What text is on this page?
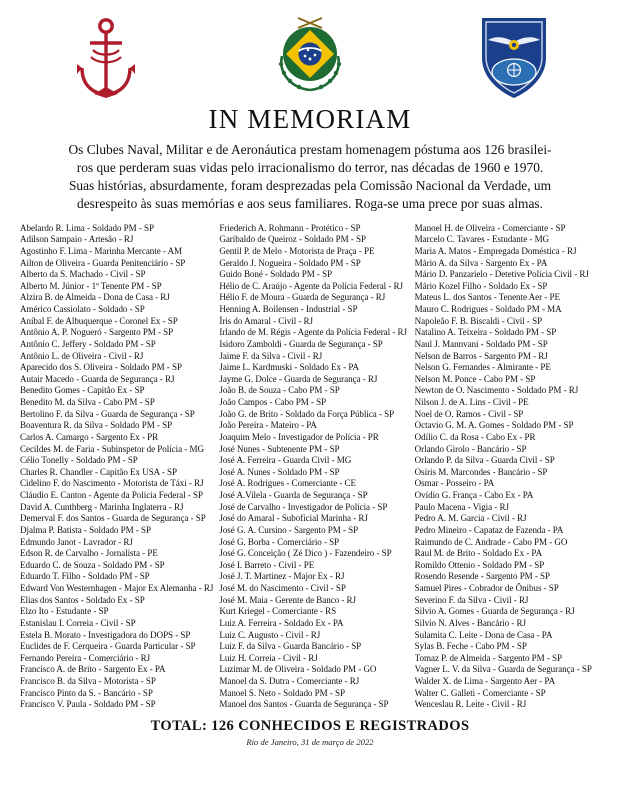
IN MEMORIAM

Os Clubes Naval, Militar e de Aeronáutica prestam homenagem póstuma aos 126 brasilei-

ros que perderam suas vidas pelo irracionalismo do terror, nas décadas de 1960 e 1970.

Suas histórias, absurdamente, foram desprezadas pela Comissão Nacional da Verdade, um

desrespeito às suas memórias e aos seus familiares. Roga-se uma prece por suas almas.

Abelardo R. Lima - Soldado PM - SP
Adilson Sampaio - Artesão - RJ
Agostinho F. Lima - Marinha Mercante - AM
Ailton de Oliveira - Guarda Penitenciário - SP
Alberto da S. Machado - Civil - SP
Alberto M. Júnior - 1º Tenente PM - SP
Alzira B. de Almeida - Dona de Casa - RJ
Américo Cassiolato - Soldado - SP
Aníbal F. de Albuquerque - Coronel Ex - SP
Antônio A. P. Nogueró - Sargento PM - SP
Antônio C. Jeffery - Soldado PM - SP
Antônio L. de Oliveira - Civil - RJ
Aparecido dos S. Oliveira - Soldado PM - SP
Autair Macedo - Guarda de Segurança - RJ
Benedito Gomes - Capitão Ex - SP
Benedito M. da Silva - Cabo PM - SP
Bertolino F. da Silva - Guarda de Segurança - SP
Boaventura R. da Silva - Soldado PM - SP
Carlos A. Camargo - Sargento Ex - PR
Cecildes M. de Faria - Subinspetor de Polícia - MG
Célio Tonelly - Soldado PM - SP
Charles R. Chandler - Capitão Ex USA - SP
Cidelino F. do Nascimento - Motorista de Táxi - RJ
Cláudio E. Canton - Agente da Polícia Federal - SP
David A. Cunthberg - Marinha Inglaterra - RJ
Demerval F. dos Santos - Guarda de Segurança - SP
Djalma P. Batista - Soldado PM - SP
Edmundo Janot - Lavrador - RJ
Edson R. de Carvalho - Jornalista - PE
Eduardo C. de Souza - Soldado PM - SP
Eduardo T. Filho - Soldado PM - SP
Edward Von Westernhagen - Major Ex Alemanha - RJ
Elias dos Santos - Soldado Ex - SP
Elzo Ito - Estudante - SP
Estanislau I. Correia - Civil - SP
Estela B. Morato - Investigadora do DOPS - SP
Euclides de F. Cerqueira - Guarda Particular - SP
Fernando Pereira - Comerciário - RJ
Francisco A. de Brito - Sargento Ex - PA
Francisco B. da Silva - Motorista - SP
Francisco Pinto da S. - Bancário - SP
Francisco V. Paula - Soldado PM - SP
Friederich A. Rohmann - Protético - SP
Garibaldo de Queiroz - Soldado PM - SP
Gentil P. de Melo - Motorista de Praça - PE
Geraldo J. Nogueira - Soldado PM - SP
Guido Boné - Soldado PM - SP
Hélio de C. Araújo - Agente da Polícia Federal - RJ
Hélio F. de Moura - Guarda de Segurança - RJ
Henning A. Boilensen - Industrial - SP
Íris do Amaral - Civil - RJ
Irlando de M. Régis - Agente da Polícia Federal - RJ
Isidoro Zamboldi - Guarda de Segurança - SP
Jaime F. da Silva - Civil - RJ
Jaime L. Kardmuski - Soldado Ex - PA
Jayme G. Dolce - Guarda de Segurança - RJ
João B. de Souza - Cabo PM - SP
João Campos - Cabo PM - SP
João G. de Brito - Soldado da Força Pública - SP
João Pereira - Mateiro - PA
Joaquim Melo - Investigador de Polícia - PR
José Nunes - Subtenente PM - SP
José A. Ferreira - Guarda Civil - MG
José A. Nunes - Soldado PM - SP
José A. Rodrigues - Comerciante - CE
José A.Vilela - Guarda de Segurança - SP
José de Carvalho - Investigador de Polícia - SP
José do Amaral - Suboficial Marinha - RJ
José G. A. Cursino - Sargento PM - SP
José G. Borba - Comerciário - SP
José G. Conceição ( Zé Dico ) - Fazendeiro - SP
José I. Barreto - Civil - PE
José J. T. Martinez - Major Ex - RJ
José M. do Nascimento - Civil - SP
José M. Maia - Gerente de Banco - RJ
Kurt Kriegel - Comerciante - RS
Luiz A. Ferreira - Soldado Ex - PA
Luiz C. Augusto - Civil - RJ
Luiz F. da Silva - Guarda Bancário - SP
Luiz H. Correia - Civil - RJ
Luzimar M. de Oliveira - Soldado PM - GO
Manoel da S. Dutra - Comerciante - RJ
Manoel S. Neto - Soldado PM - SP
Manoel dos Santos - Guarda de Segurança - SP
Manoel H. de Oliveira - Comerciante - SP
Marcelo C. Tavares - Estudante - MG
Maria A. Matos - Empregada Doméstica - RJ
Mário A. da Silva - Sargento Ex - PA
Mário D. Panzarielo - Detetive Polícia Civil - RJ
Mário Kozel Filho - Soldado Ex - SP
Mateus L. dos Santos - Tenente Aer - PE
Mauro C. Rodrigues - Soldado PM - MA
Napoleão F. B. Biscaldi - Civil - SP
Natalino A. Teixeira - Soldado PM - SP
Naul J. Mannvani - Soldado PM - SP
Nelson de Barros - Sargento PM - RJ
Nelson G. Fernandes - Almirante - PE
Nelson M. Ponce - Cabo PM - SP
Newton de O. Nascimento - Soldado PM - RJ
Nilson J. de A. Lins - Civil - PE
Noel de O. Ramos - Civil - SP
Octavio G. M. A. Gomes - Soldado PM - SP
Odílio C. da Rosa - Cabo Ex - PR
Orlando Girolo - Bancário - SP
Orlando P. da Silva - Guarda Civil - SP
Osíris M. Marcondes - Bancário - SP
Osmar - Posseiro - PA
Ovídio G. França - Cabo Ex - PA
Paulo Macena - Vigia - RJ
Pedro A. M. Garcia - Civil - RJ
Pedro Mineiro - Capataz de Fazenda - PA
Raimundo de C. Andrade - Cabo PM - GO
Raul M. de Brito - Soldado Ex - PA
Romildo Ottenio - Soldado PM - SP
Rosendo Resende - Sargento PM - SP
Samuel Pires - Cobrador de Ônibus - SP
Severino F. da Silva - Civil - RJ
Silvio A. Gomes - Guarda de Segurança - RJ
Silvio N. Alves - Bancário - RJ
Sulamita C. Leite - Dona de Casa - PA
Sylas B. Feche - Cabo PM - SP
Tomaz P. de Almeida - Sargento PM - SP
Vagner L. V. da Silva - Guarda de Segurança - SP
Walder X. de Lima - Sargento Aer - PA
Walter C. Galleti - Comerciante - SP
Wenceslau R. Leite - Civil - RJ
TOTAL: 126 CONHECIDOS E REGISTRADOS
Rio de Janeiro, 31 de março de 2022
